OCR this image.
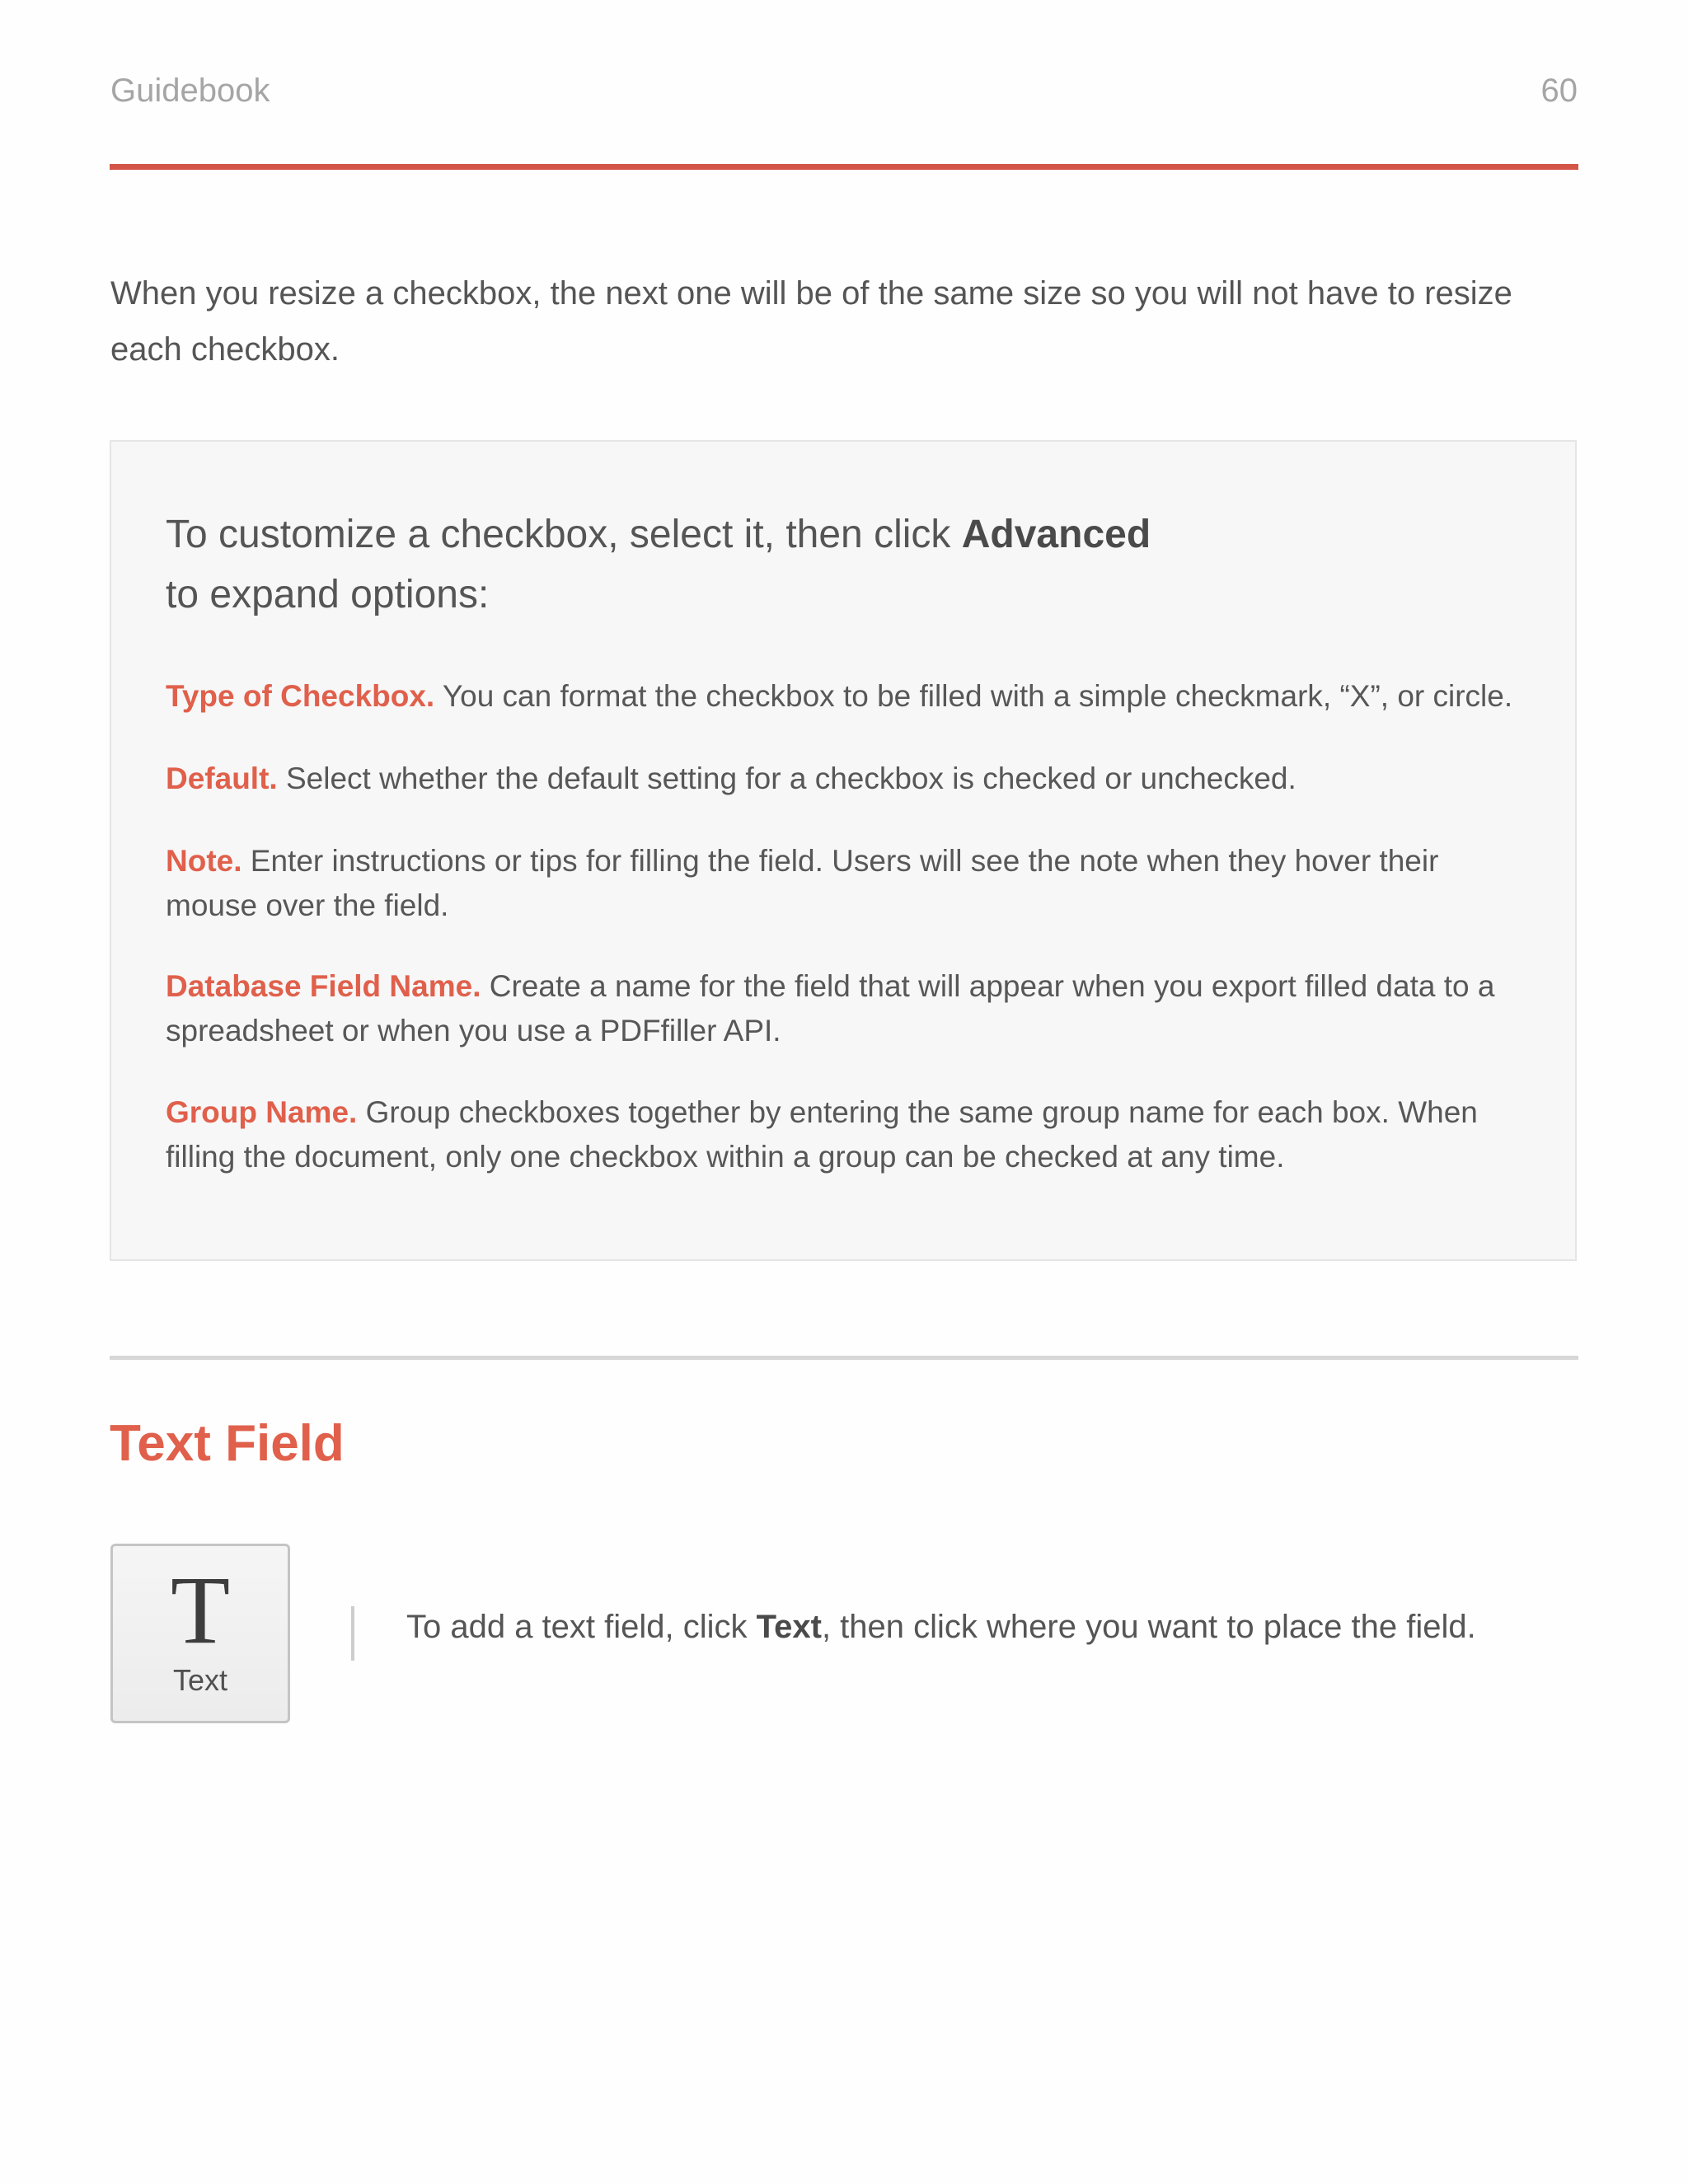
Guidebook	60

When you resize a checkbox, the next one will be of the same size so you will not have to resize each checkbox.

To customize a checkbox, select it, then click Advanced
to expand options:
Type of Checkbox. You can format the checkbox to be filled with a simple checkmark, “X”, or circle.
Default. Select whether the default setting for a checkbox is checked or unchecked.
Note. Enter instructions or tips for filling the field. Users will see the note when they hover their mouse over the field.
Database Field Name. Create a name for the field that will appear when you export filled data to a spreadsheet or when you use a PDFfiller API.
Group Name. Group checkboxes together by entering the same group name for each box. When filling the document, only one checkbox within a group can be checked at any time.
Text Field
T
Text
To add a text field, click Text, then click where you want to place the field.
